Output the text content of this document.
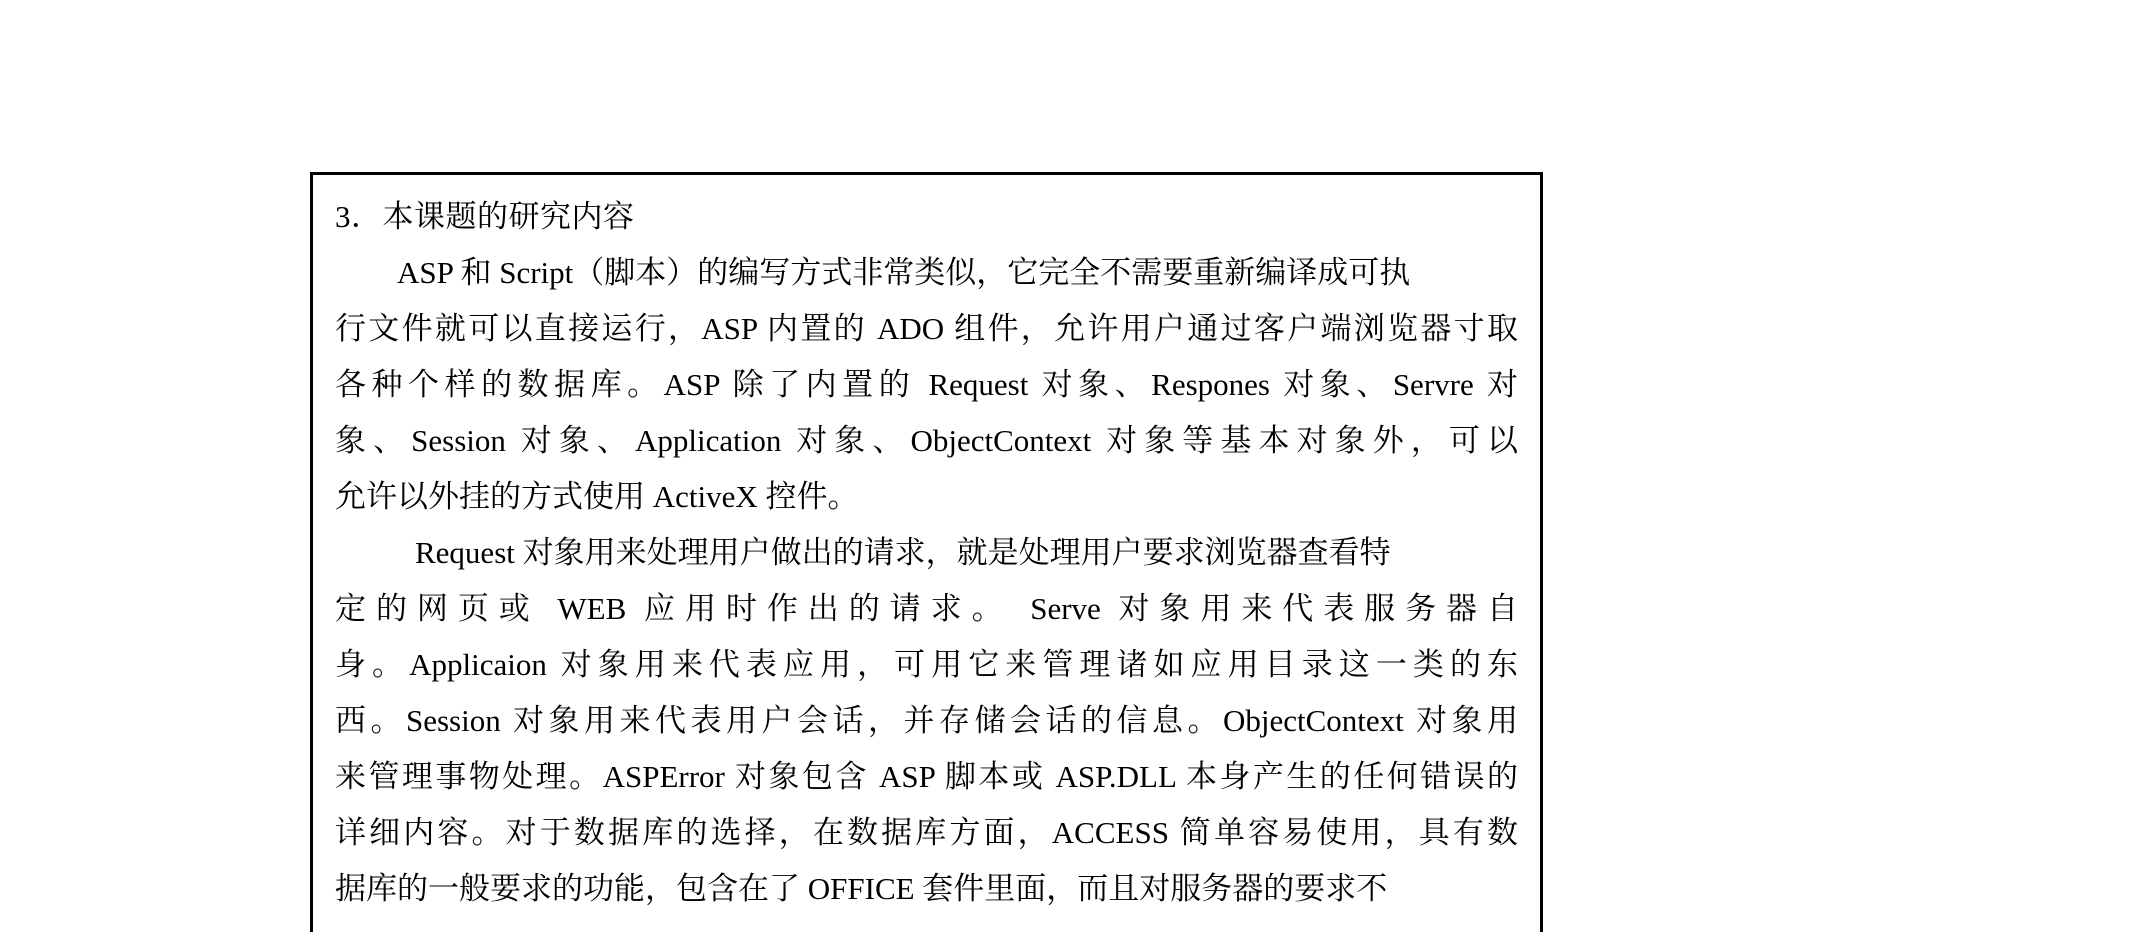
3．本课题的研究内容
ASP 和 Script（脚本）的编写方式非常类似，它完全不需要重新编译成可执
行文件就可以直接运行，ASP 内置的 ADO 组件，允许用户通过客户端浏览器寸取
各种个样的数据库。ASP 除了内置的 Request 对象、Respones 对象、Servre 对
象、Session 对象、Application 对象、ObjectContext 对象等基本对象外，可以
允许以外挂的方式使用 ActiveX 控件。
Request 对象用来处理用户做出的请求，就是处理用户要求浏览器查看特
定的网页或 WEB 应用时作出的请求。 Serve 对象用来代表服务器自
身。Applicaion 对象用来代表应用，可用它来管理诸如应用目录这一类的东
西。Session 对象用来代表用户会话，并存储会话的信息。ObjectContext 对象用
来管理事物处理。ASPError 对象包含 ASP 脚本或 ASP.DLL 本身产生的任何错误的
详细内容。对于数据库的选择，在数据库方面，ACCESS 简单容易使用，具有数
据库的一般要求的功能，包含在了 OFFICE 套件里面，而且对服务器的要求不
